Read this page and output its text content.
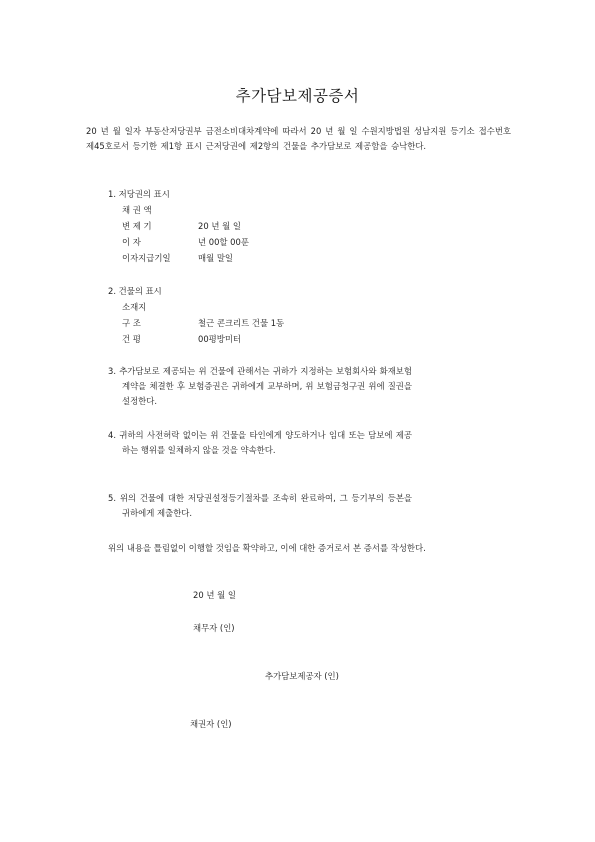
추가담보제공증서
20 년 월 일자 부동산저당권부 금전소비대차계약에 따라서 20 년 월 일 수원지방법원 성남지원 등기소 접수번호 제45호로서 등기한 제1항 표시 근저당권에 제2항의 건물을 추가담보로 제공함을 승낙한다.
1. 저당권의 표시
채 권 액
변 제 기	20 년 월 일
이 자	년 00할 00푼
이자지급기일	매월 말일
2. 건물의 표시
소재지
구 조	철근 콘크리트 건물 1동
건 평	00평방미터
3. 추가담보로 제공되는 위 건물에 관해서는 귀하가 지정하는 보험회사와 화재보험계약을 체결한 후 보험증권은 귀하에게 교부하며, 위 보험금청구권 위에 질권을 설정한다.
4. 귀하의 사전허락 없이는 위 건물을 타인에게 양도하거나 임대 또는 담보에 제공하는 행위를 일체하지 않을 것을 약속한다.
5. 위의 건물에 대한 저당권설정등기절차를 조속히 완료하여, 그 등기부의 등본을 귀하에게 제출한다.
위의 내용을 틀림없이 이행할 것임을 확약하고, 이에 대한 증거로서 본 증서를 작성한다.
20 년 월 일
채무자 (인)
추가담보제공자 (인)
채권자 (인)
